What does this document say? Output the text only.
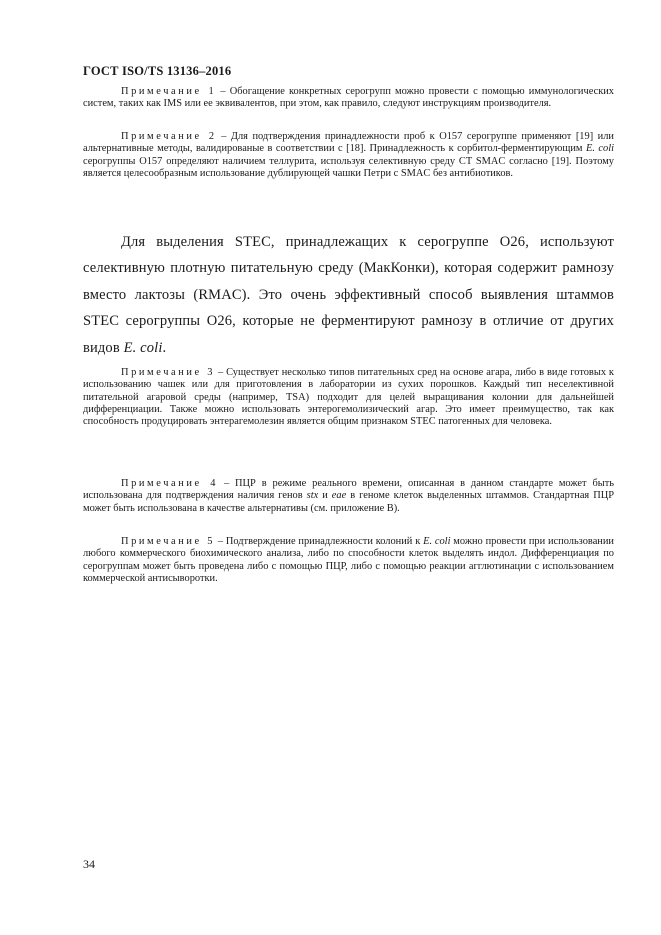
ГОСТ ISO/TS 13136–2016

Примечание 1 – Обогащение конкретных серогрупп можно провести с помощью иммунологических систем, таких как IMS или ее эквивалентов, при этом, как правило, следуют инструкциям производителя.

Примечание 2 – Для подтверждения принадлежности проб к O157 серогруппе применяют [19] или альтернативные методы, валидированые в соответствии с [18]. Принадлежность к сорбитол-ферментирующим E. coli серогруппы O157 определяют наличием теллурита, используя селективную среду CT SMAC согласно [19]. Поэтому является целесообразным использование дублирующей чашки Петри с SMAC без антибиотиков.

Для выделения STEC, принадлежащих к серогруппе O26, используют селективную плотную питательную среду (МакКонки), которая содержит рамнозу вместо лактозы (RMAC). Это очень эффективный способ выявления штаммов STEC серогруппы O26, которые не ферментируют рамнозу в отличие от других видов E. coli.

Примечание 3 – Существует несколько типов питательных сред на основе агара, либо в виде готовых к использованию чашек или для приготовления в лаборатории из сухих порошков. Каждый тип неселективной питательной агаровой среды (например, TSA) подходит для целей выращивания колонии для дальнейшей дифференциации. Также можно использовать энтерогемолизический агар. Это имеет преимущество, так как способность продуцировать энтерагемолезин является общим признаком STEC патогенных для человека.

Примечание 4 – ПЦР в режиме реального времени, описанная в данном стандарте может быть использована для подтверждения наличия генов stx и eae в геноме клеток выделенных штаммов. Стандартная ПЦР может быть использована в качестве альтернативы (см. приложение В).

Примечание 5 – Подтверждение принадлежности колоний к E. coli можно провести при использовании любого коммерческого биохимического анализа, либо по способности клеток выделять индол. Дифференциация по серогруппам может быть проведена либо с помощью ПЦР, либо с помощью реакции агглютинации с использованием коммерческой антисыворотки.

34
